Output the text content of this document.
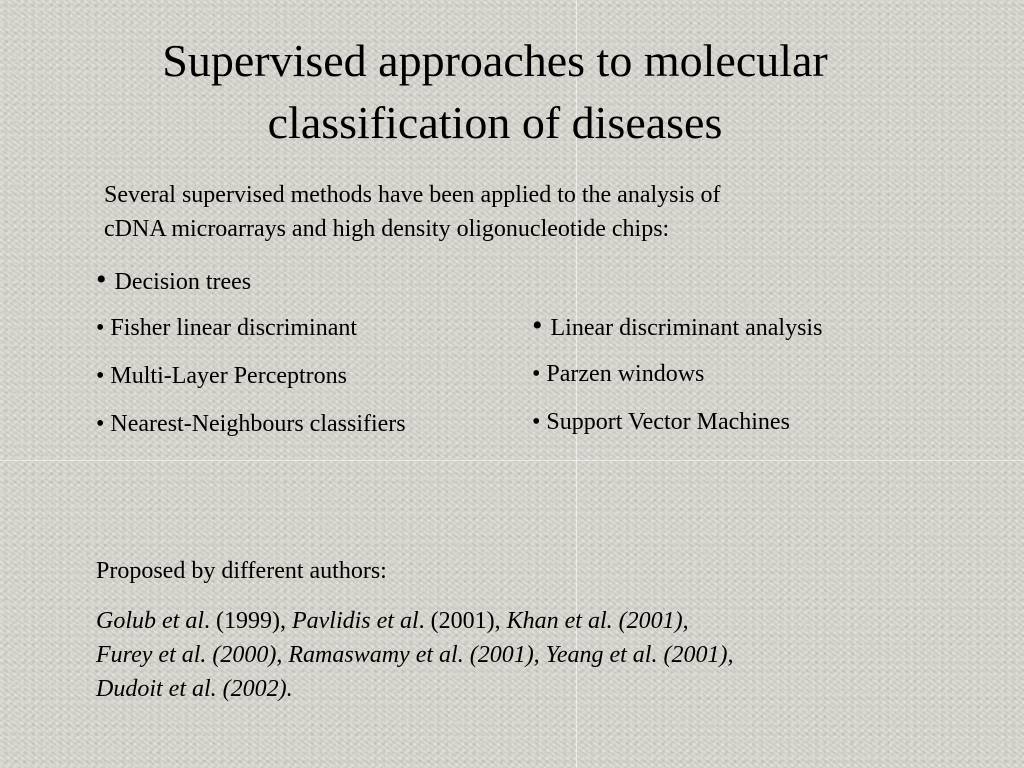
Supervised approaches to molecular
classification of diseases

Several supervised methods have been applied to the analysis of
cDNA microarrays and high density oligonucleotide chips:

• Decision trees
• Fisher linear discriminant
• Multi-Layer Perceptrons
• Nearest-Neighbours classifiers
• Linear discriminant analysis
• Parzen windows
• Support Vector Machines

Proposed by different authors:

Golub et al. (1999), Pavlidis et al. (2001), Khan et al. (2001),
Furey et al. (2000), Ramaswamy et al. (2001), Yeang et al. (2001),
Dudoit et al. (2002).
